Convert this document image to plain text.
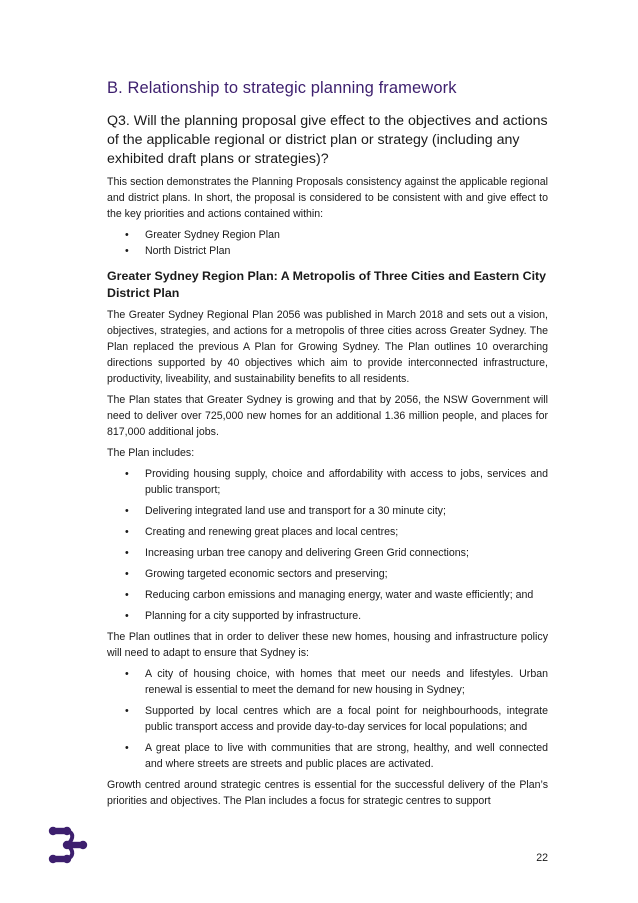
B. Relationship to strategic planning framework
Q3. Will the planning proposal give effect to the objectives and actions of the applicable regional or district plan or strategy (including any exhibited draft plans or strategies)?

This section demonstrates the Planning Proposals consistency against the applicable regional and district plans. In short, the proposal is considered to be consistent with and give effect to the key priorities and actions contained within:

• Greater Sydney Region Plan
• North District Plan
Greater Sydney Region Plan: A Metropolis of Three Cities and Eastern City District Plan

The Greater Sydney Regional Plan 2056 was published in March 2018 and sets out a vision, objectives, strategies, and actions for a metropolis of three cities across Greater Sydney. The Plan replaced the previous A Plan for Growing Sydney. The Plan outlines 10 overarching directions supported by 40 objectives which aim to provide interconnected infrastructure, productivity, liveability, and sustainability benefits to all residents.

The Plan states that Greater Sydney is growing and that by 2056, the NSW Government will need to deliver over 725,000 new homes for an additional 1.36 million people, and places for 817,000 additional jobs.

The Plan includes:

• Providing housing supply, choice and affordability with access to jobs, services and public transport;
• Delivering integrated land use and transport for a 30 minute city;
• Creating and renewing great places and local centres;
• Increasing urban tree canopy and delivering Green Grid connections;
• Growing targeted economic sectors and preserving;
• Reducing carbon emissions and managing energy, water and waste efficiently; and
• Planning for a city supported by infrastructure.

The Plan outlines that in order to deliver these new homes, housing and infrastructure policy will need to adapt to ensure that Sydney is:

• A city of housing choice, with homes that meet our needs and lifestyles. Urban renewal is essential to meet the demand for new housing in Sydney;
• Supported by local centres which are a focal point for neighbourhoods, integrate public transport access and provide day-to-day services for local populations; and
• A great place to live with communities that are strong, healthy, and well connected and where streets are streets and public places are activated.

Growth centred around strategic centres is essential for the successful delivery of the Plan’s priorities and objectives. The Plan includes a focus for strategic centres to support

22
